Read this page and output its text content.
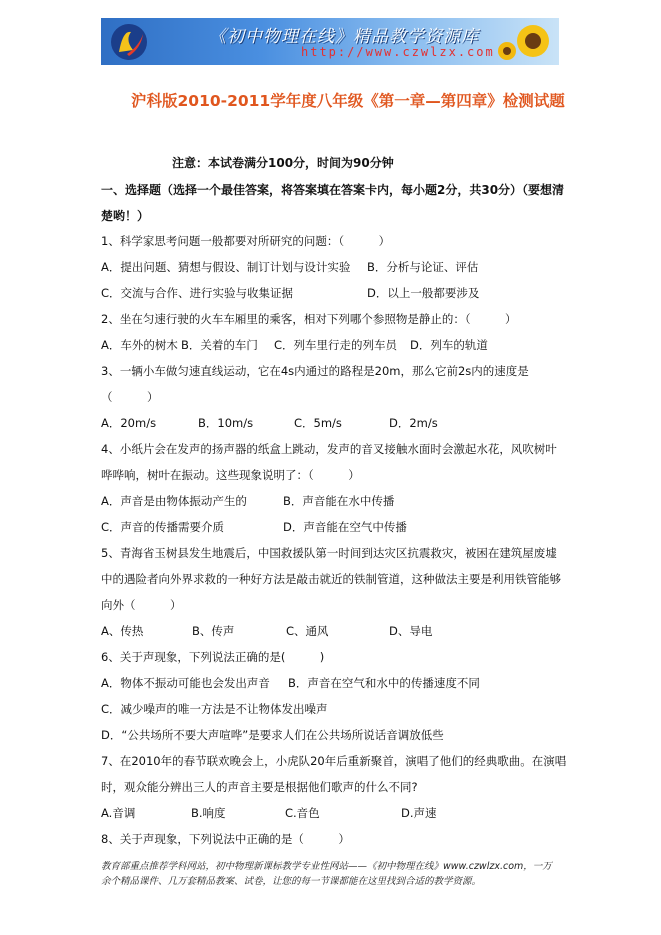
《初中物理在线》精品教学资源库
http://www.czwlzx.com
沪科版2010-2011学年度八年级《第一章—第四章》检测试题
注意：本试卷满分100分，时间为90分钟
一、选择题（选择一个最佳答案，将答案填在答案卡内，每小题2分，共30分）（要想清
楚哟！）
1、科学家思考问题一般都要对所研究的问题：（　　　）
A．提出问题、猜想与假设、制订计划与设计实验 B．分析与论证、评估
C．交流与合作、进行实验与收集证据	D．以上一般都要涉及
2、坐在匀速行驶的火车车厢里的乘客，相对下列哪个参照物是静止的：（　　　）
A．车外的树木 B．关着的车门 C．列车里行走的列车员 D．列车的轨道
3、一辆小车做匀速直线运动，它在4s内通过的路程是20m，那么它前2s内的速度是
（　　　）
A．20m/s	B．10m/s	C．5m/s	D．2m/s
4、小纸片会在发声的扬声器的纸盒上跳动，发声的音叉接触水面时会激起水花，风吹树叶
哗哗响，树叶在振动。这些现象说明了：（　　　）
A．声音是由物体振动产生的	B．声音能在水中传播
C．声音的传播需要介质	D．声音能在空气中传播
5、青海省玉树县发生地震后，中国救援队第一时间到达灾区抗震救灾，被困在建筑屋废墟
中的遇险者向外界求救的一种好方法是敲击就近的铁制管道，这种做法主要是利用铁管能够
向外（　　　）
A、传热	B、传声	C、通风	D、导电
6、关于声现象，下列说法正确的是(　　　)
A．物体不振动可能也会发出声音 B．声音在空气和水中的传播速度不同
C．减少噪声的唯一方法是不让物体发出噪声
D．“公共场所不要大声喧哗”是要求人们在公共场所说话音调放低些
7、在2010年的春节联欢晚会上，小虎队20年后重新聚首，演唱了他们的经典歌曲。在演唱
时，观众能分辨出三人的声音主要是根据他们歌声的什么不同?
A.音调	B.响度	C.音色	D.声速
8、关于声现象，下列说法中正确的是（　　　）
教育部重点推荐学科网站，初中物理新课标教学专业性网站——《初中物理在线》www.czwlzx.com，一万余个精品课件、几万套精品教案、试卷，让您的每一节课都能在这里找到合适的教学资源。
